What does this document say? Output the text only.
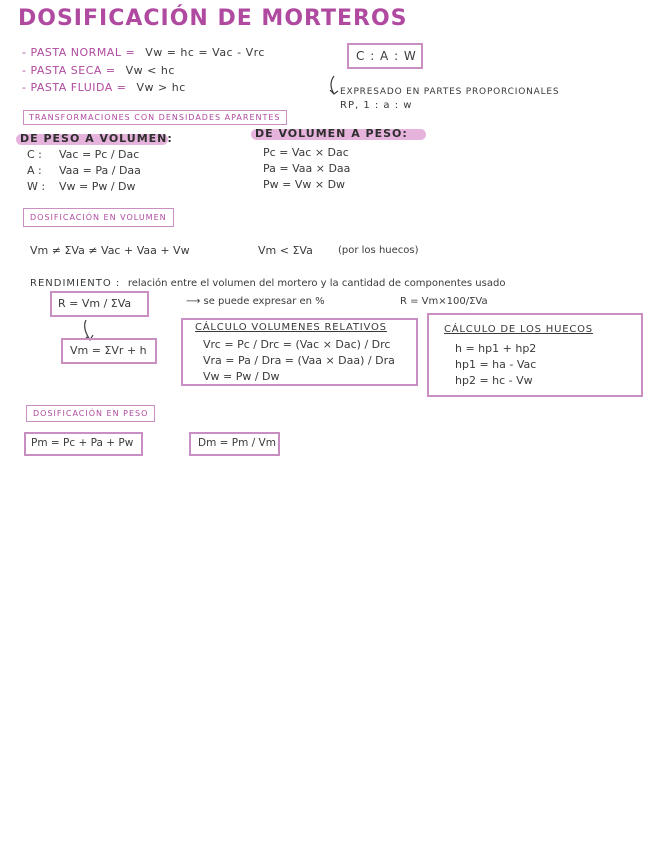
DOSIFICACIÓN DE MORTEROS
- PASTA NORMAL = Vw = hc = Vac - Vrc
- PASTA SECA = Vw < hc
- PASTA FLUIDA = Vw > hc
C : A : W
EXPRESADO EN PARTES PROPORCIONALES
RP, 1 : a : w
TRANSFORMACIONES CON DENSIDADES APARENTES
DE PESO A VOLUMEN:
C : Vac = Pc / Dac
A : Vaa = Pa / Daa
W : Vw = Pw / Dw
DE VOLUMEN A PESO:
Pc = Vac × Dac
Pa = Vaa × Daa
Pw = Vw × Dw
DOSIFICACIÓN EN VOLUMEN
Vm ≠ ΣVa ≠ Vac + Vaa + Vw	Vm < ΣVa	(por los huecos)
RENDIMIENTO : relación entre el volumen del mortero y la cantidad de componentes usado
R = Vm / ΣVa	⟶ se puede expresar en %	R = Vm×100/ΣVa
Vm = ΣVr + h
CÁLCULO VOLUMENES RELATIVOS
Vrc = Pc / Drc = (Vac × Dac) / Drc
Vra = Pa / Dra = (Vaa × Daa) / Dra
Vw = Pw / Dw
CÁLCULO DE LOS HUECOS
h = hp1 + hp2
hp1 = ha - Vac
hp2 = hc - Vw
DOSIFICACIÓN EN PESO
Pm = Pc + Pa + Pw	Dm = Pm / Vm
